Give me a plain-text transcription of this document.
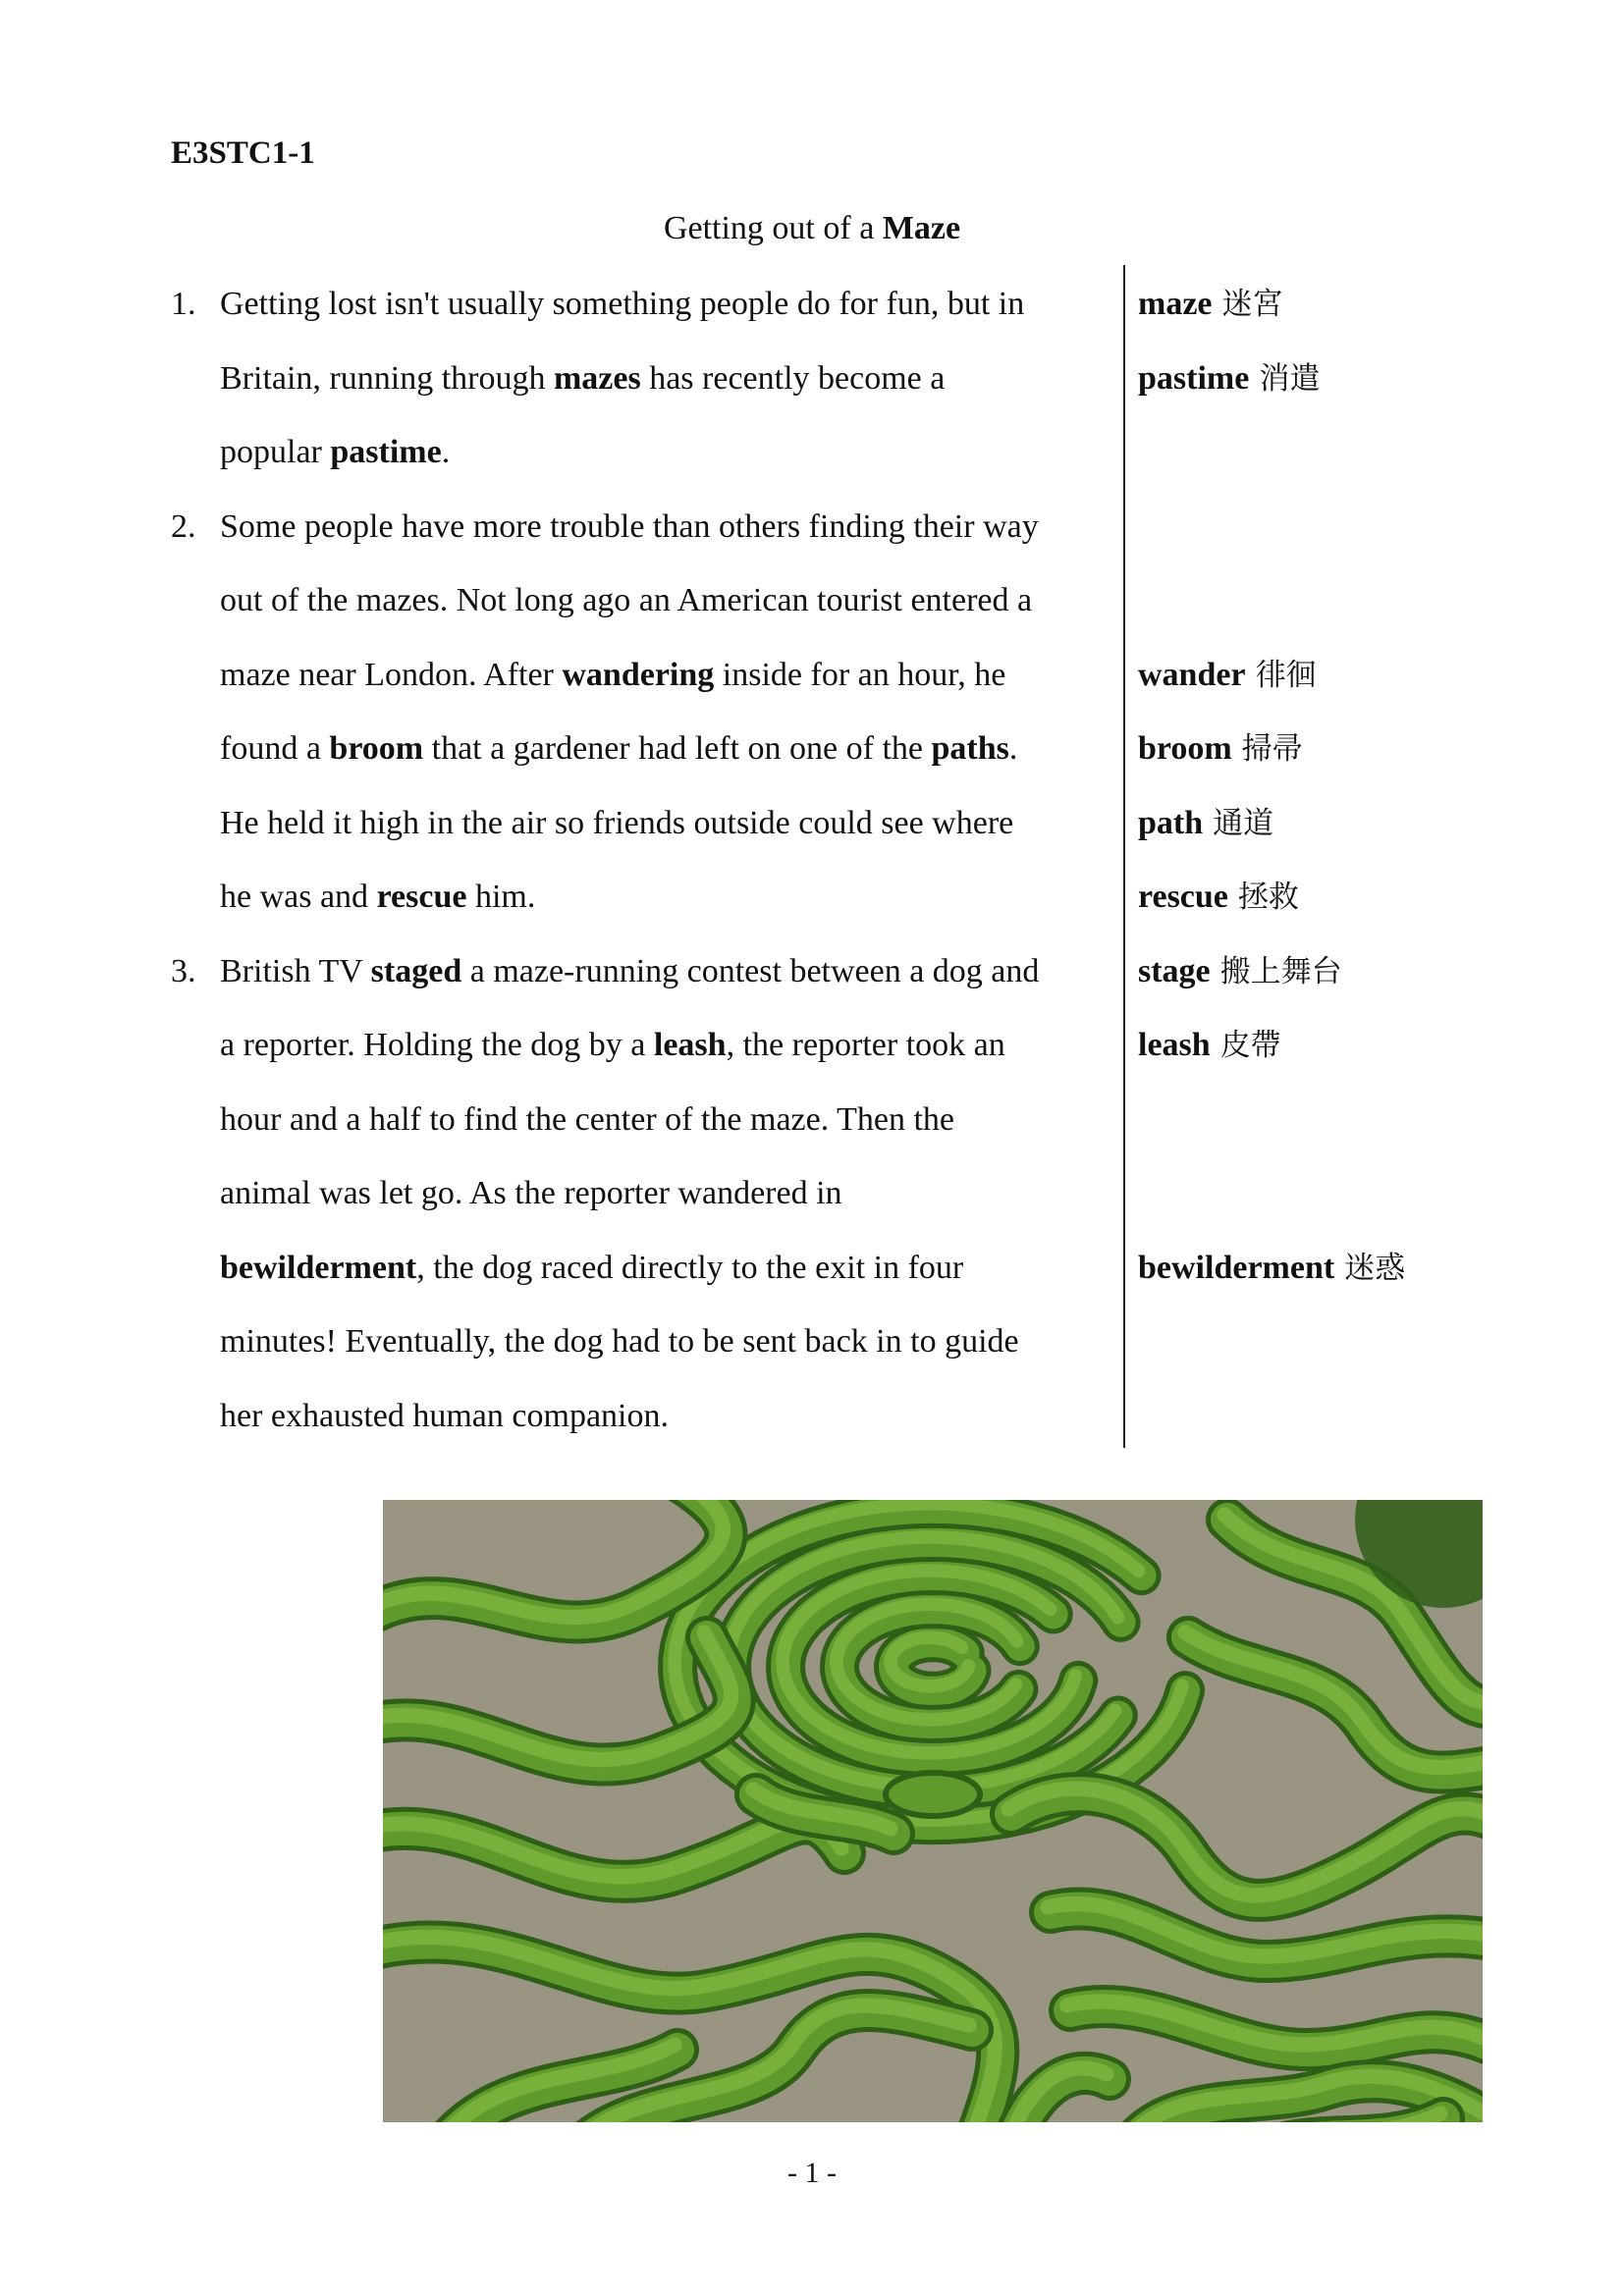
E3STC1-1
Getting out of a Maze
1. Getting lost isn't usually something people do for fun, but in
Britain, running through mazes has recently become a
popular pastime.
2. Some people have more trouble than others finding their way
out of the mazes. Not long ago an American tourist entered a
maze near London. After wandering inside for an hour, he
found a broom that a gardener had left on one of the paths.
He held it high in the air so friends outside could see where
he was and rescue him.
3. British TV staged a maze-running contest between a dog and
a reporter. Holding the dog by a leash, the reporter took an
hour and a half to find the center of the maze. Then the
animal was let go. As the reporter wandered in
bewilderment, the dog raced directly to the exit in four
minutes! Eventually, the dog had to be sent back in to guide
her exhausted human companion.
maze 迷宮
pastime 消遣
wander 徘徊
broom 掃帚
path 通道
rescue 拯救
stage 搬上舞台
leash 皮帶
bewilderment 迷惑
- 1 -
